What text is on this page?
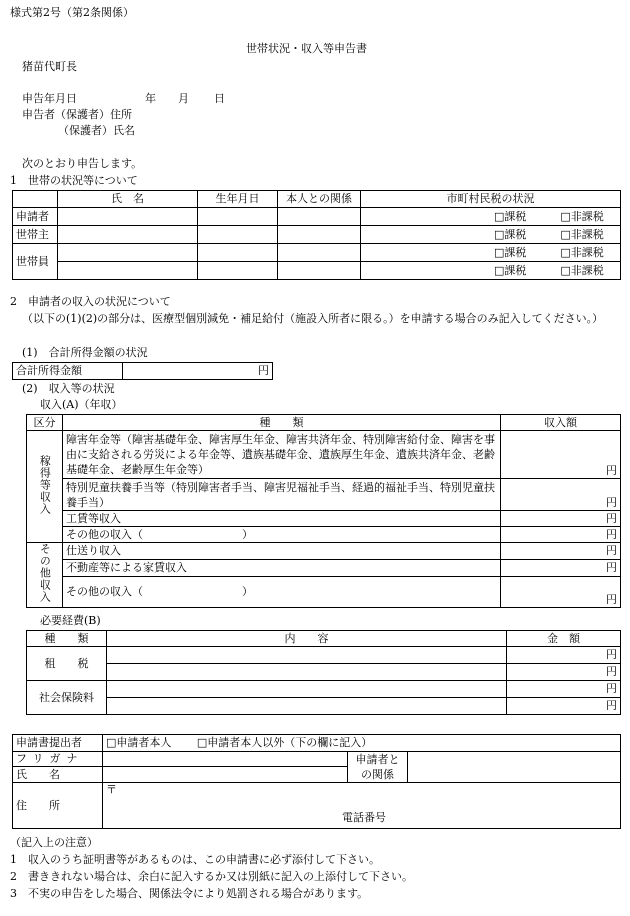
様式第2号（第2条関係）
世帯状況・収入等申告書
猪苗代町長
申告年月日	年 月 日
申告者（保護者）住所
（保護者）氏名
次のとおり申告します。
1　世帯の状況等について
	氏　名	生年月日	本人との関係	市町村民税の状況
申請者				□課税 □非課税
世帯主				□課税 □非課税
世帯員				□課税 □非課税
				□課税 □非課税
2　申請者の収入の状況について
（以下の(1)(2)の部分は、医療型個別減免・補足給付（施設入所者に限る。）を申請する場合のみ記入してください。）
(1)　合計所得金額の状況
合計所得金額	円
(2)　収入等の状況
収入(A)（年収）
区分	種　　類	収入額
稼得等収入	障害年金等（障害基礎年金、障害厚生年金、障害共済年金、特別障害給付金、障害を事由に支給される労災による年金等、遺族基礎年金、遺族厚生年金、遺族共済年金、老齢基礎年金、老齢厚生年金等）	円
	特別児童扶養手当等（特別障害者手当、障害児福祉手当、経過的福祉手当、特別児童扶養手当）	円
	工賃等収入	円
	その他の収入（　　　　　　　　　）	円
その他収入	仕送り収入	円
	不動産等による家賃収入	円
	その他の収入（　　　　　　　　　）	円
必要経費(B)
種　　類	内　　容	金　額
租　　税		円
		円
社会保険料		円
		円
申請書提出者	□申請者本人 □申請者本人以外（下の欄に記入）		
フリガナ		申請者との関係	
氏　　名			
住　　所	〒
電話番号		
（記入上の注意）
1　収入のうち証明書等があるものは、この申請書に必ず添付して下さい。
2　書ききれない場合は、余白に記入するか又は別紙に記入の上添付して下さい。
3　不実の申告をした場合、関係法令により処罰される場合があります。
